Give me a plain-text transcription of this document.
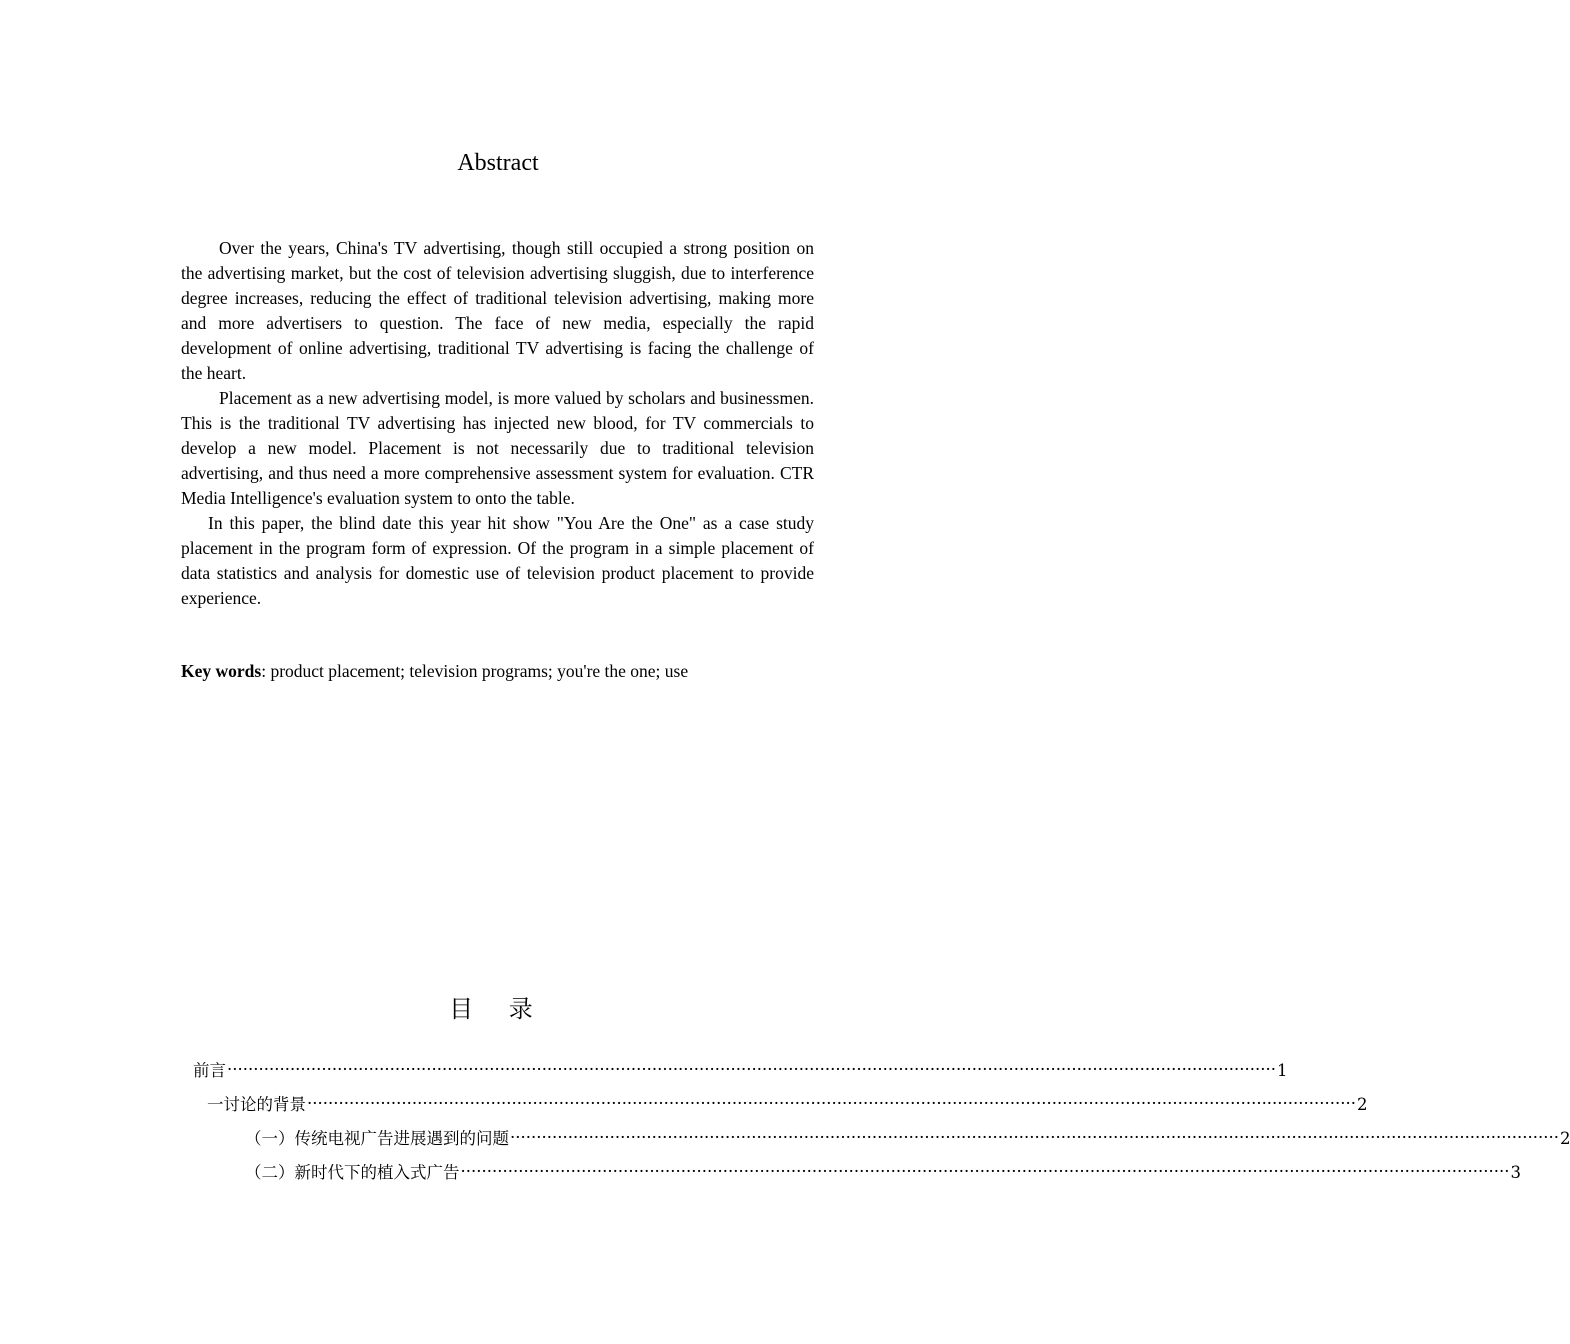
Abstract

Over the years, China's TV advertising, though still occupied a strong position on the advertising market, but the cost of television advertising sluggish, due to interference degree increases, reducing the effect of traditional television advertising, making more and more advertisers to question. The face of new media, especially the rapid development of online advertising, traditional TV advertising is facing the challenge of the heart.

Placement as a new advertising model, is more valued by scholars and businessmen. This is the traditional TV advertising has injected new blood, for TV commercials to develop a new model. Placement is not necessarily due to traditional television advertising, and thus need a more comprehensive assessment system for evaluation. CTR Media Intelligence's evaluation system to onto the table.

In this paper, the blind date this year hit show "You Are the One" as a case study placement in the program form of expression. Of the program in a simple placement of data statistics and analysis for domestic use of television product placement to provide experience.

Key words: product placement; television programs; you're the one; use
目 录
前言 ········································································································································································································ 1
一 讨论的背景 ········································································································································································································ 2
（一）传统电视广告进展遇到的问题 ········································································································································································································ 2
（二）新时代下的植入式广告 ········································································································································································································ 3
